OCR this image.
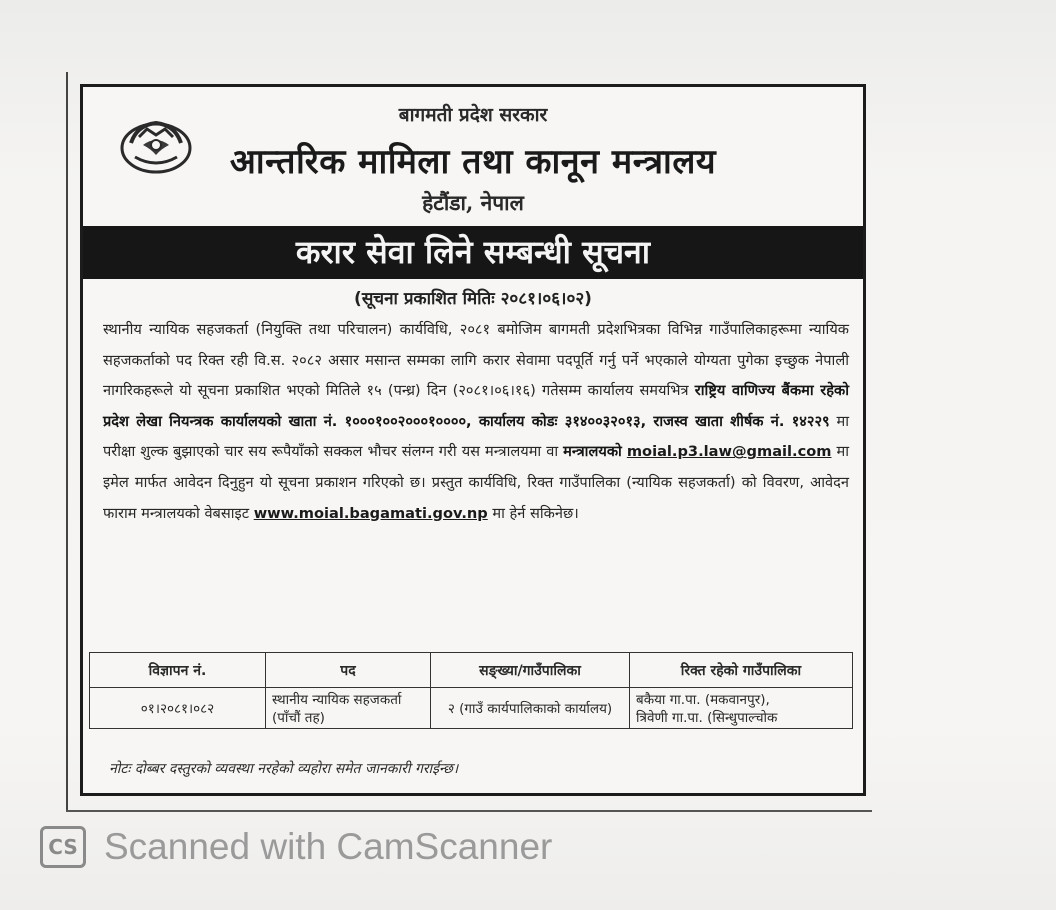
बागमती प्रदेश सरकार
आन्तरिक मामिला तथा कानून मन्त्रालय
हेटौंडा, नेपाल
करार सेवा लिने सम्बन्धी सूचना
(सूचना प्रकाशित मितिः २०८१।०६।०२)
स्थानीय न्यायिक सहजकर्ता (नियुक्ति तथा परिचालन) कार्यविधि, २०८१ बमोजिम बागमती प्रदेशभित्रका विभिन्न गाउँपालिकाहरूमा न्यायिक सहजकर्ताको पद रिक्त रही वि.स. २०८२ असार मसान्त सम्मका लागि करार सेवामा पदपूर्ति गर्नु पर्ने भएकाले योग्यता पुगेका इच्छुक नेपाली नागरिकहरूले यो सूचना प्रकाशित भएको मितिले १५ (पन्ध्र) दिन (२०८१।०६।१६) गतेसम्म कार्यालय समयभित्र राष्ट्रिय वाणिज्य बैंकमा रहेको प्रदेश लेखा नियन्त्रक कार्यालयको खाता नं. १०००१००२०००१००००, कार्यालय कोडः ३१४००३२०१३, राजस्व खाता शीर्षक नं. १४२२९ मा परीक्षा शुल्क बुझाएको चार सय रूपैयाँको सक्कल भौचर संलग्न गरी यस मन्त्रालयमा वा मन्त्रालयको moial.p3.law@gmail.com मा इमेल मार्फत आवेदन दिनुहुन यो सूचना प्रकाशन गरिएको छ। प्रस्तुत कार्यविधि, रिक्त गाउँपालिका (न्यायिक सहजकर्ता) को विवरण, आवेदन फाराम मन्त्रालयको वेबसाइट www.moial.bagamati.gov.np मा हेर्न सकिनेछ।
विज्ञापन नं.	पद	सङ्ख्या/गाउँपालिका	रिक्त रहेको गाउँपालिका
०१।२०८१।०८२	स्थानीय न्यायिक सहजकर्ता (पाँचौं तह)	२ (गाउँ कार्यपालिकाको कार्यालय)	बकैया गा.पा. (मकवानपुर),
त्रिवेणी गा.पा. (सिन्धुपाल्चोक
नोटः दोब्बर दस्तुरको व्यवस्था नरहेको व्यहोरा समेत जानकारी गराईन्छ।
CS Scanned with CamScanner
